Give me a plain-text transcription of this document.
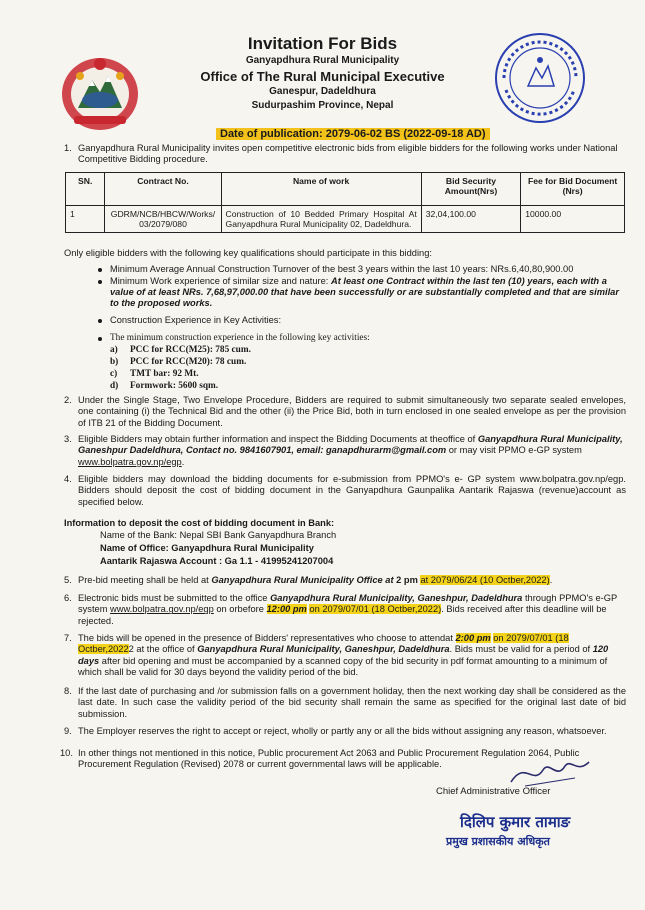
Invitation For Bids
Ganyapdhura Rural Municipality
Office of The Rural Municipal Executive
Ganespur, Dadeldhura
Sudurpashim Province, Nepal
Date of publication: 2079-06-02 BS (2022-09-18 AD)
1. Ganyapdhura Rural Municipality invites open competitive electronic bids from eligible bidders for the following works under National Competitive Bidding procedure.
SN.	Contract No.	Name of work	Bid Security Amount(Nrs)	Fee for Bid Document (Nrs)
1	GDRM/NCB/HBCW/Works/03/2079/080	Construction of 10 Bedded Primary Hospital At Ganyapdhura Rural Municipality 02, Dadeldhura.	32,04,100.00	10000.00
Only eligible bidders with the following key qualifications should participate in this bidding:
Minimum Average Annual Construction Turnover of the best 3 years within the last 10 years: NRs.6,40,80,900.00
Minimum Work experience of similar size and nature: At least one Contract within the last ten (10) years, each with a value of at least NRs. 7,68,97,000.00 that have been successfully or are substantially completed and that are similar to the proposed works.
Construction Experience in Key Activities:
The minimum construction experience in the following key activities:
a) PCC for RCC(M25): 785 cum.
b) PCC for RCC(M20): 78 cum.
c) TMT bar: 92 Mt.
d) Formwork: 5600 sqm.
2. Under the Single Stage, Two Envelope Procedure, Bidders are required to submit simultaneously two separate sealed envelopes, one containing (i) the Technical Bid and the other (ii) the Price Bid, both in turn enclosed in one sealed envelope as per the provision of ITB 21 of the Bidding Document.
3. Eligible Bidders may obtain further information and inspect the Bidding Documents at theoffice of Ganyapdhura Rural Municipality, Ganeshpur Dadeldhura, Contact no. 9841607901, email: ganapdhurarm@gmail.com or may visit PPMO e-GP system www.bolpatra.gov.np/egp.
4. Eligible bidders may download the bidding documents for e-submission from PPMO's e- GP system www.bolpatra.gov.np/egp. Bidders should deposit the cost of bidding document in the Ganyapdhura Gaunpalika Aantarik Rajaswa (revenue)account as specified below.
Information to deposit the cost of bidding document in Bank:
Name of the Bank: Nepal SBI Bank Ganyapdhura Branch
Name of Office: Ganyapdhura Rural Municipality
Aantarik Rajaswa Account : Ga 1.1 - 41995241207004
5. Pre-bid meeting shall be held at Ganyapdhura Rural Municipality Office at 2 pm at 2079/06/24 (10 Octber,2022).
6. Electronic bids must be submitted to the office Ganyapdhura Rural Municipality, Ganeshpur, Dadeldhura through PPMO's e-GP system www.bolpatra.gov.np/egp on orbefore 12:00 pm on 2079/07/01 (18 Octber,2022). Bids received after this deadline will be rejected.
7. The bids will be opened in the presence of Bidders' representatives who choose to attendat 2:00 pm on 2079/07/01 (18 Octber,20222 at the office of Ganyapdhura Rural Municipality, Ganeshpur, Dadeldhura. Bids must be valid for a period of 120 days after bid opening and must be accompanied by a scanned copy of the bid security in pdf format amounting to a minimum of which shall be valid for 30 days beyond the validity period of the bid.
8. If the last date of purchasing and /or submission falls on a government holiday, then the next working day shall be considered as the last date. In such case the validity period of the bid security shall remain the same as specified for the original last date of bid submission.
9. The Employer reserves the right to accept or reject, wholly or partly any or all the bids without assigning any reason, whatsoever.
10. In other things not mentioned in this notice, Public procurement Act 2063 and Public Procurement Regulation 2064, Public Procurement Regulation (Revised) 2078 or current governmental laws will be applicable.
Chief Administrative Officer
दिलिप कुमार तामाङ
प्रमुख प्रशासकीय अधिकृत
